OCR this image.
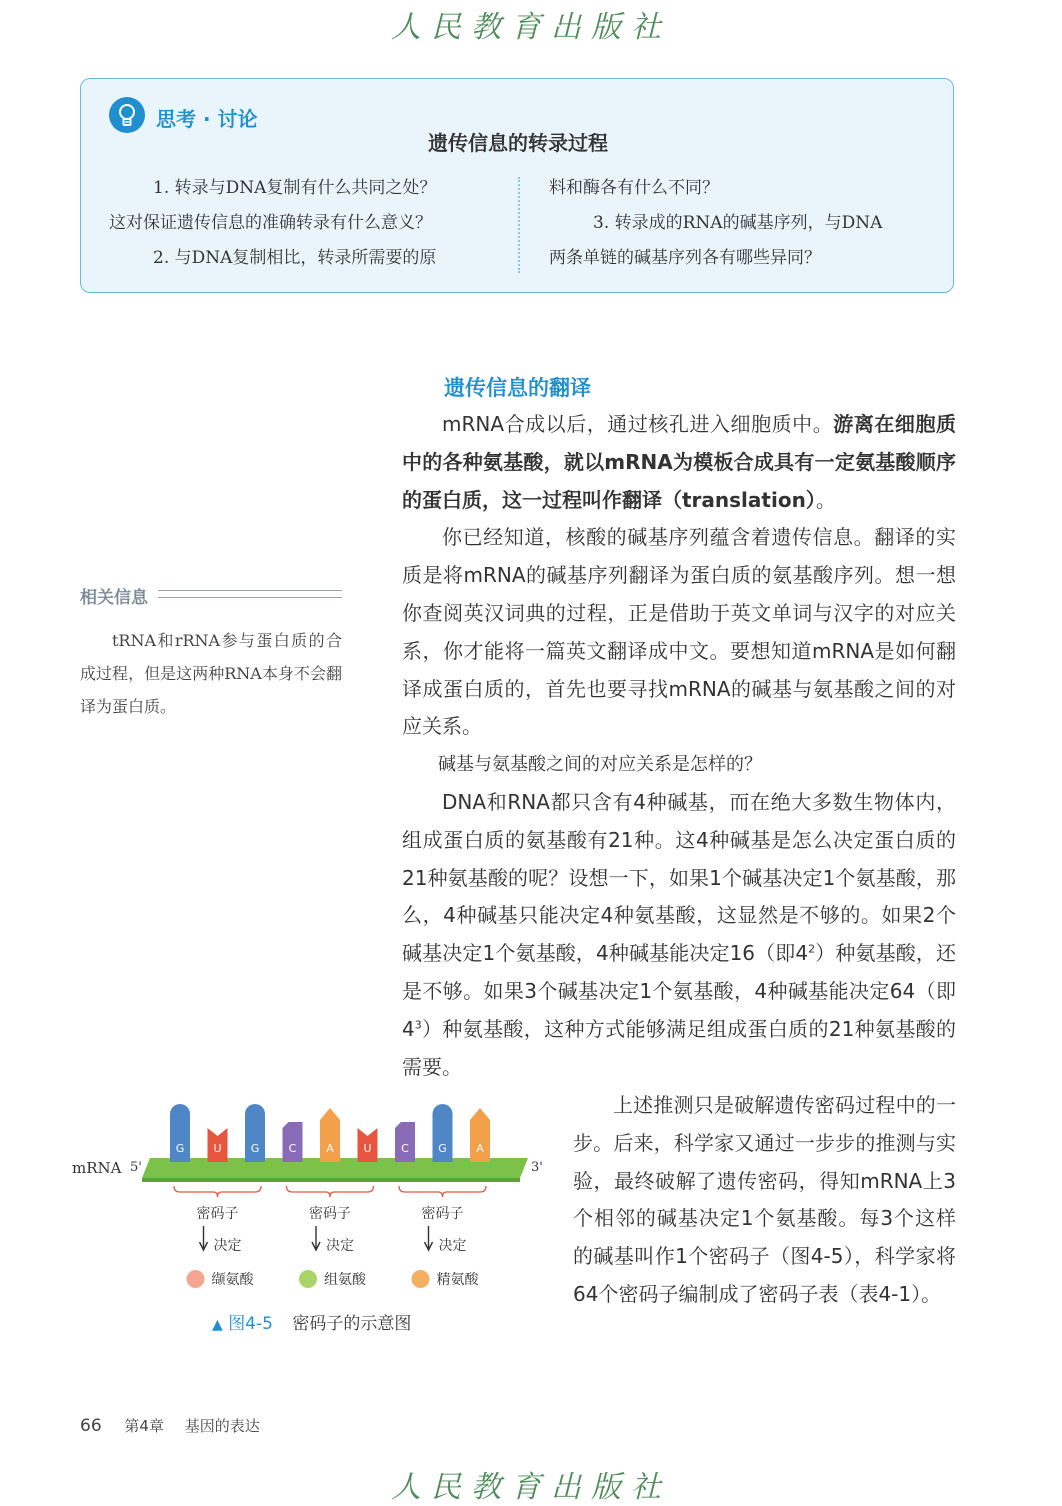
人民教育出版社
思考 · 讨论
遗传信息的转录过程

1. 转录与DNA复制有什么共同之处？

这对保证遗传信息的准确转录有什么意义？

2. 与DNA复制相比，转录所需要的原

料和酶各有什么不同？

3. 转录成的RNA的碱基序列，与DNA

两条单链的碱基序列各有哪些异同？

遗传信息的翻译

mRNA合成以后，通过核孔进入细胞质中。游离在细胞质中的各种氨基酸，就以mRNA为模板合成具有一定氨基酸顺序的蛋白质，这一过程叫作翻译（translation）。

你已经知道，核酸的碱基序列蕴含着遗传信息。翻译的实质是将mRNA的碱基序列翻译为蛋白质的氨基酸序列。想一想你查阅英汉词典的过程，正是借助于英文单词与汉字的对应关系，你才能将一篇英文翻译成中文。要想知道mRNA是如何翻译成蛋白质的，首先也要寻找mRNA的碱基与氨基酸之间的对应关系。

碱基与氨基酸之间的对应关系是怎样的？

DNA和RNA都只含有4种碱基，而在绝大多数生物体内，组成蛋白质的氨基酸有21种。这4种碱基是怎么决定蛋白质的21种氨基酸的呢？设想一下，如果1个碱基决定1个氨基酸，那么，4种碱基只能决定4种氨基酸，这显然是不够的。如果2个碱基决定1个氨基酸，4种碱基能决定16（即$4^2$）种氨基酸，还是不够。如果3个碱基决定1个氨基酸，4种碱基能决定64（即$4^3$）种氨基酸，这种方式能够满足组成蛋白质的21种氨基酸的需要。

上述推测只是破解遗传密码过程中的一步。后来，科学家又通过一步步的推测与实验，最终破解了遗传密码，得知mRNA上3个相邻的碱基决定1个氨基酸。每3个这样的碱基叫作1个密码子（图4-5），科学家将64个密码子编制成了密码子表（表4-1）。

相关信息

tRNA和rRNA参与蛋白质的合成过程，但是这两种RNA本身不会翻译为蛋白质。

mRNA 5'	3'
G	U	G	C	A	U	C	G	A
密码子
决定
缬氨酸
密码子
决定
组氨酸
密码子
决定
精氨酸
▲ 图4-5 密码子的示意图
66 第4章 基因的表达
人民教育出版社
